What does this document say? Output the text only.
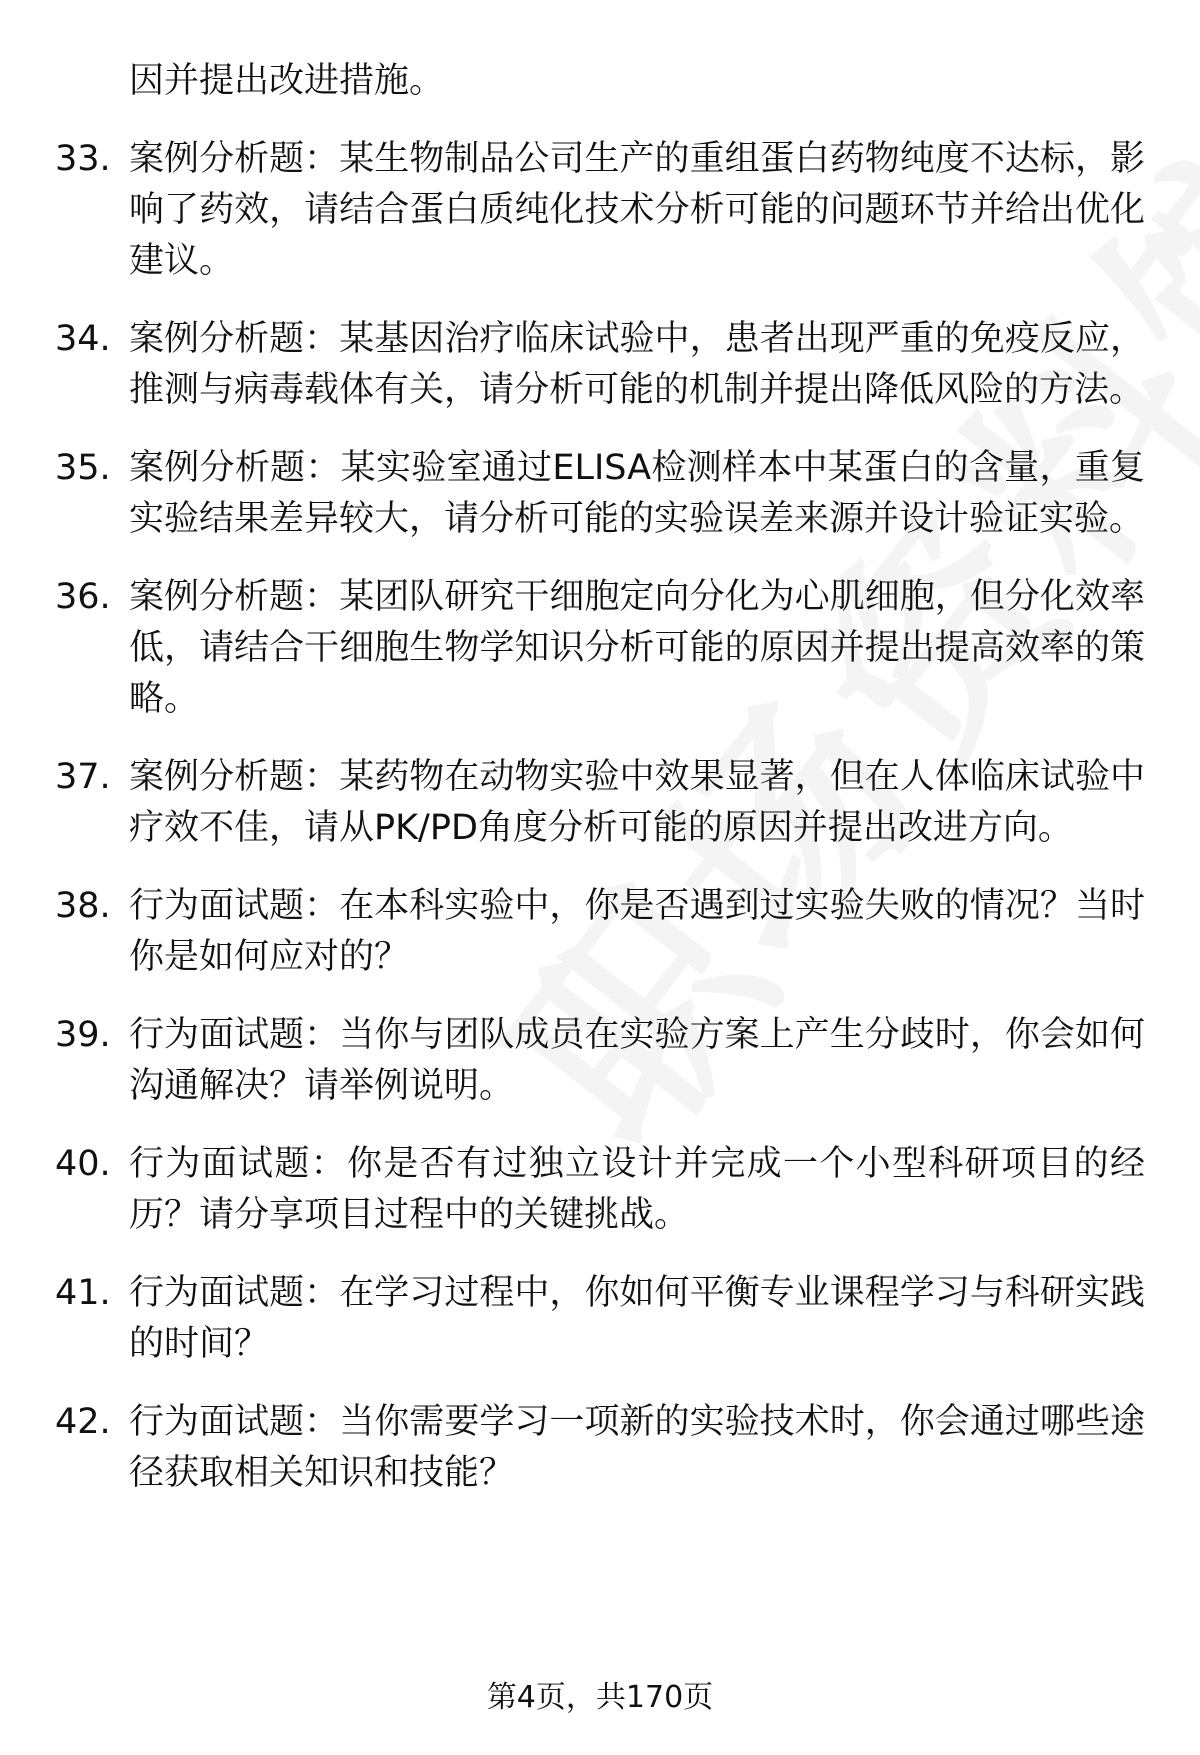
因并提出改进措施。
33. 案例分析题：某生物制品公司生产的重组蛋白药物纯度不达标，影响了药效，请结合蛋白质纯化技术分析可能的问题环节并给出优化建议。
34. 案例分析题：某基因治疗临床试验中，患者出现严重的免疫反应，推测与病毒载体有关，请分析可能的机制并提出降低风险的方法。
35. 案例分析题：某实验室通过ELISA检测样本中某蛋白的含量，重复实验结果差异较大，请分析可能的实验误差来源并设计验证实验。
36. 案例分析题：某团队研究干细胞定向分化为心肌细胞，但分化效率低，请结合干细胞生物学知识分析可能的原因并提出提高效率的策略。
37. 案例分析题：某药物在动物实验中效果显著，但在人体临床试验中疗效不佳，请从PK/PD角度分析可能的原因并提出改进方向。
38. 行为面试题：在本科实验中，你是否遇到过实验失败的情况？当时你是如何应对的？
39. 行为面试题：当你与团队成员在实验方案上产生分歧时，你会如何沟通解决？请举例说明。
40. 行为面试题：你是否有过独立设计并完成一个小型科研项目的经历？请分享项目过程中的关键挑战。
41. 行为面试题：在学习过程中，你如何平衡专业课程学习与科研实践的时间？
42. 行为面试题：当你需要学习一项新的实验技术时，你会通过哪些途径获取相关知识和技能？
第4页，共170页
